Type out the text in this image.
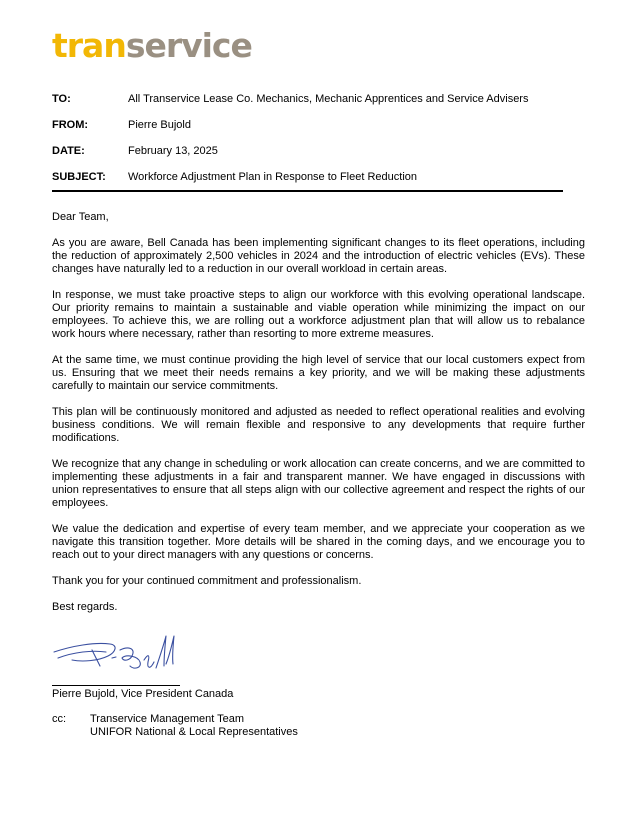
transervice
TO:	All Transervice Lease Co. Mechanics, Mechanic Apprentices and Service Advisers
FROM:	Pierre Bujold
DATE:	February 13, 2025
SUBJECT: Workforce Adjustment Plan in Response to Fleet Reduction

Dear Team,

As you are aware, Bell Canada has been implementing significant changes to its fleet operations, including the reduction of approximately 2,500 vehicles in 2024 and the introduction of electric vehicles (EVs). These changes have naturally led to a reduction in our overall workload in certain areas.

In response, we must take proactive steps to align our workforce with this evolving operational landscape. Our priority remains to maintain a sustainable and viable operation while minimizing the impact on our employees. To achieve this, we are rolling out a workforce adjustment plan that will allow us to rebalance work hours where necessary, rather than resorting to more extreme measures.

At the same time, we must continue providing the high level of service that our local customers expect from us. Ensuring that we meet their needs remains a key priority, and we will be making these adjustments carefully to maintain our service commitments.

This plan will be continuously monitored and adjusted as needed to reflect operational realities and evolving business conditions. We will remain flexible and responsive to any developments that require further modifications.

We recognize that any change in scheduling or work allocation can create concerns, and we are committed to implementing these adjustments in a fair and transparent manner. We have engaged in discussions with union representatives to ensure that all steps align with our collective agreement and respect the rights of our employees.

We value the dedication and expertise of every team member, and we appreciate your cooperation as we navigate this transition together. More details will be shared in the coming days, and we encourage you to reach out to your direct managers with any questions or concerns.

Thank you for your continued commitment and professionalism.

Best regards.

Pierre Bujold, Vice President Canada
cc: Transervice Management Team
UNIFOR National & Local Representatives
